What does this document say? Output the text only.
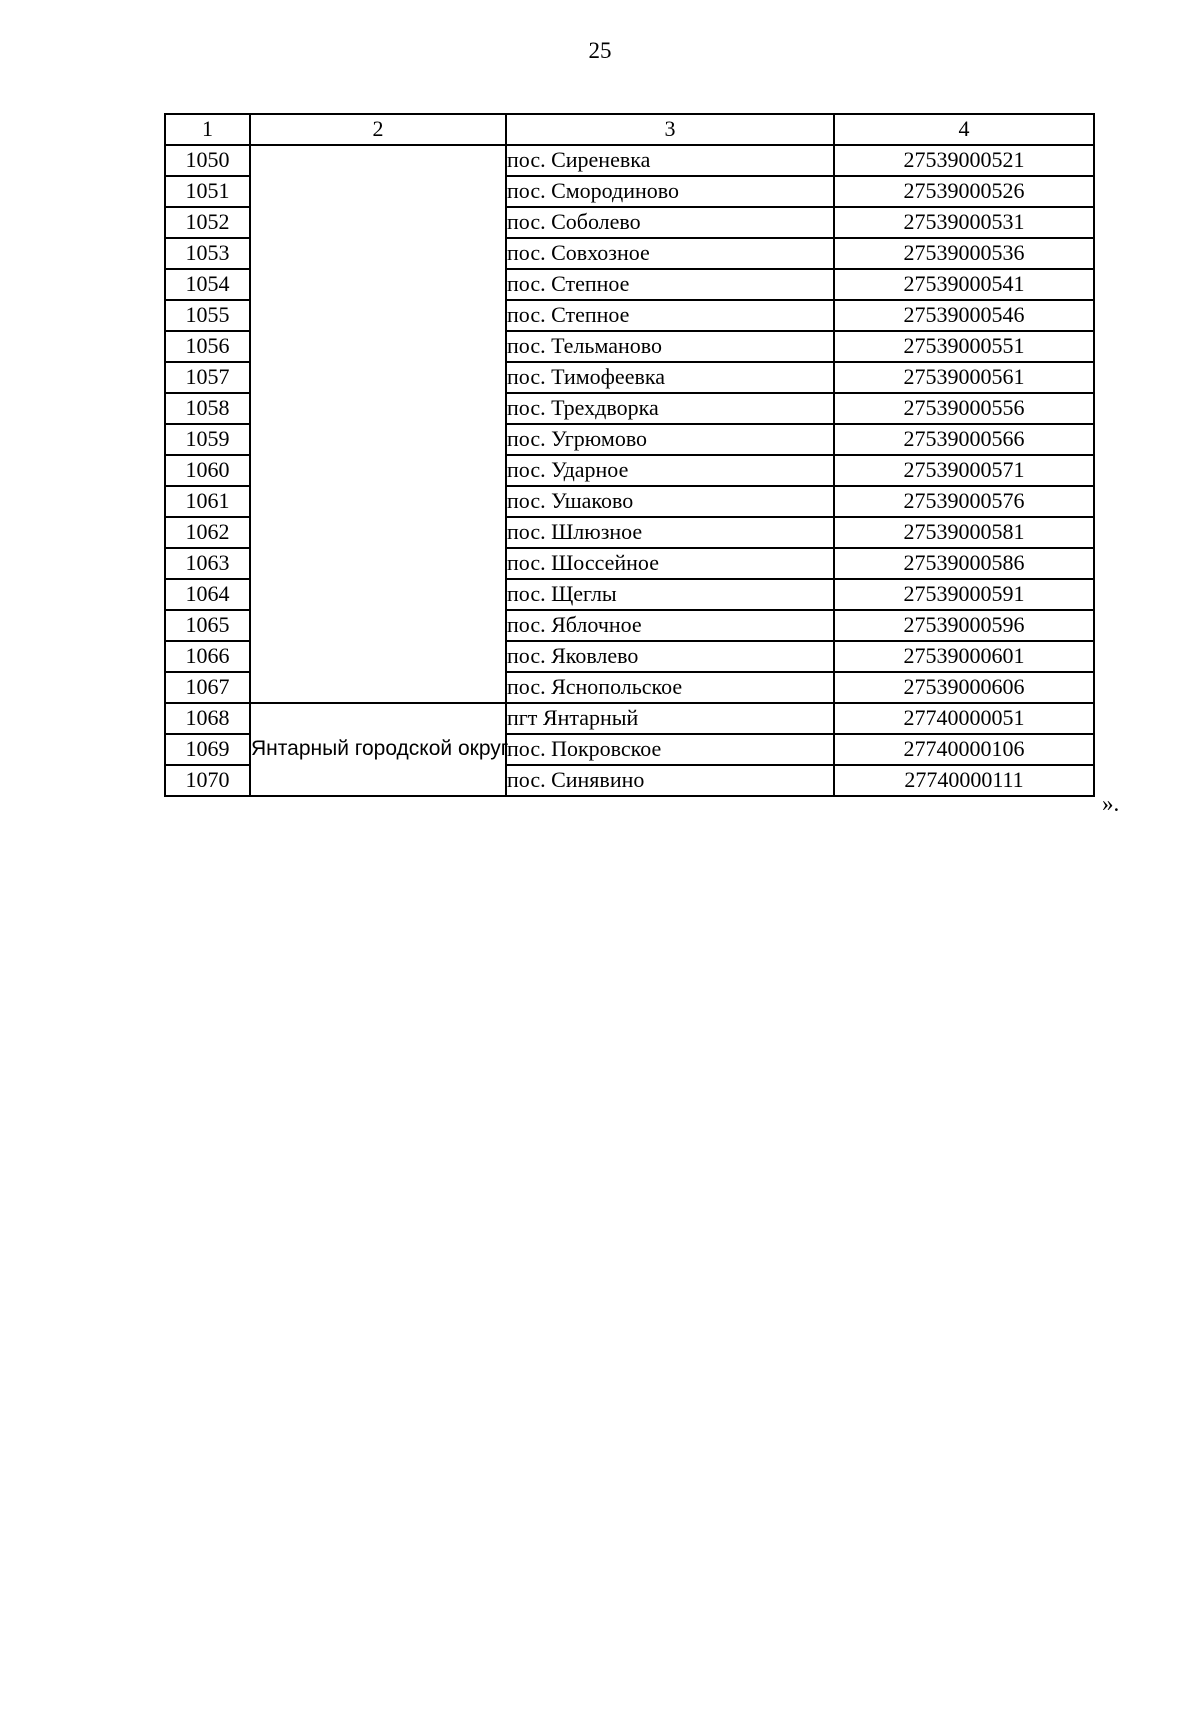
25
1	2	3	4
1050		пос. Сиреневка	27539000521
1051		пос. Смородиново	27539000526
1052		пос. Соболево	27539000531
1053		пос. Совхозное	27539000536
1054		пос. Степное	27539000541
1055		пос. Степное	27539000546
1056		пос. Тельманово	27539000551
1057		пос. Тимофеевка	27539000561
1058		пос. Трехдворка	27539000556
1059		пос. Угрюмово	27539000566
1060		пос. Ударное	27539000571
1061		пос. Ушаково	27539000576
1062		пос. Шлюзное	27539000581
1063		пос. Шоссейное	27539000586
1064		пос. Щеглы	27539000591
1065		пос. Яблочное	27539000596
1066		пос. Яковлево	27539000601
1067		пос. Яснопольское	27539000606
1068	Янтарный городской округ	пгт Янтарный	27740000051
1069		пос. Покровское	27740000106
1070		пос. Синявино	27740000111
».
